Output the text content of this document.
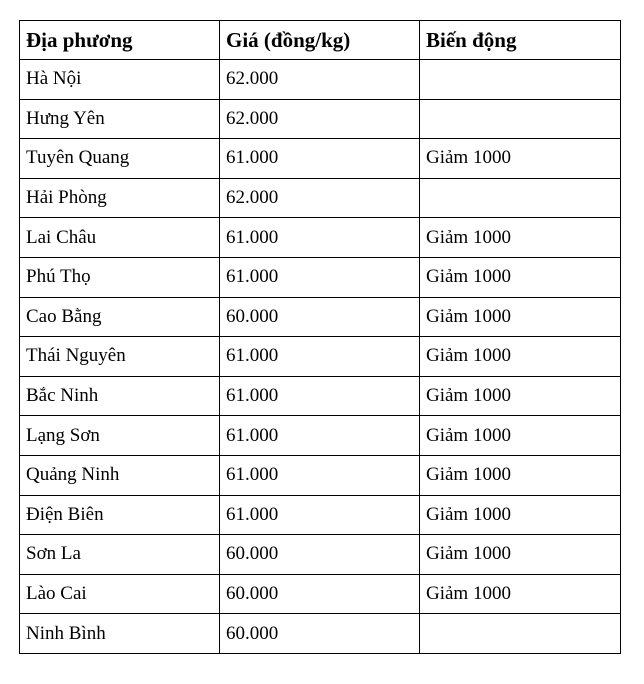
Địa phương	Giá (đồng/kg)	Biến động
Hà Nội	62.000	
Hưng Yên	62.000	
Tuyên Quang	61.000	Giảm 1000
Hải Phòng	62.000	
Lai Châu	61.000	Giảm 1000
Phú Thọ	61.000	Giảm 1000
Cao Bằng	60.000	Giảm 1000
Thái Nguyên	61.000	Giảm 1000
Bắc Ninh	61.000	Giảm 1000
Lạng Sơn	61.000	Giảm 1000
Quảng Ninh	61.000	Giảm 1000
Điện Biên	61.000	Giảm 1000
Sơn La	60.000	Giảm 1000
Lào Cai	60.000	Giảm 1000
Ninh Bình	60.000	
